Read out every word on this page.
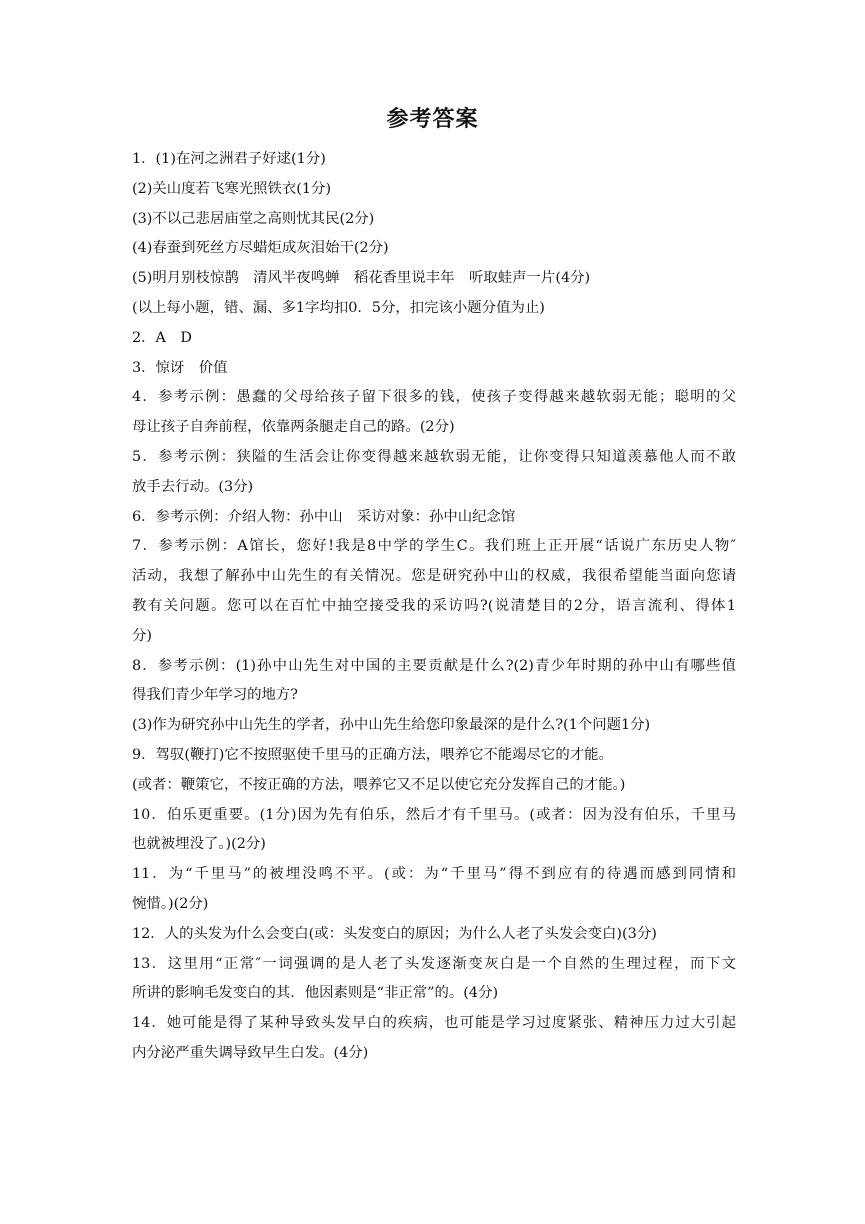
参考答案
1．(1)在河之洲君子好逑(1分)
(2)关山度若飞寒光照铁衣(1分)
(3)不以己悲居庙堂之高则忧其民(2分)
(4)春蚕到死丝方尽蜡炬成灰泪始干(2分)
(5)明月别枝惊鹊　清风半夜鸣蝉　稻花香里说丰年　听取蛙声一片(4分)
(以上每小题，错、漏、多1字均扣0．5分，扣完该小题分值为止)
2．A　D
3．惊讶　价值
4．参考示例：愚蠢的父母给孩子留下很多的钱，使孩子变得越来越软弱无能；聪明的父
母让孩子自奔前程，依靠两条腿走自己的路。(2分)
5．参考示例：狭隘的生活会让你变得越来越软弱无能，让你变得只知道羡慕他人而不敢
放手去行动。(3分)
6．参考示例：介绍人物：孙中山　采访对象：孙中山纪念馆
7．参考示例：A馆长，您好!我是8中学的学生C。我们班上正开展“话说广东历史人物″
活动，我想了解孙中山先生的有关情况。您是研究孙中山的权威，我很希望能当面向您请
教有关问题。您可以在百忙中抽空接受我的采访吗?(说清楚目的2分，语言流利、得体1
分)
8．参考示例：(1)孙中山先生对中国的主要贡献是什么?(2)青少年时期的孙中山有哪些值
得我们青少年学习的地方?
(3)作为研究孙中山先生的学者，孙中山先生给您印象最深的是什么?(1个问题1分)
9．驾驭(鞭打)它不按照驱使千里马的正确方法，喂养它不能竭尽它的才能。
(或者：鞭策它，不按正确的方法，喂养它又不足以使它充分发挥自己的才能。)
10．伯乐更重要。(1分)因为先有伯乐，然后才有千里马。(或者：因为没有伯乐，千里马
也就被埋没了。)(2分)
11．为“千里马”的被埋没鸣不平。(或：为“千里马”得不到应有的待遇而感到同情和
惋惜。)(2分)
12．人的头发为什么会变白(或：头发变白的原因；为什么人老了头发会变白)(3分)
13．这里用“正常″一词强调的是人老了头发逐渐变灰白是一个自然的生理过程，而下文
所讲的影响毛发变白的其．他因素则是“非正常”的。(4分)
14．她可能是得了某种导致头发早白的疾病，也可能是学习过度紧张、精神压力过大引起
内分泌严重失调导致早生白发。(4分)
